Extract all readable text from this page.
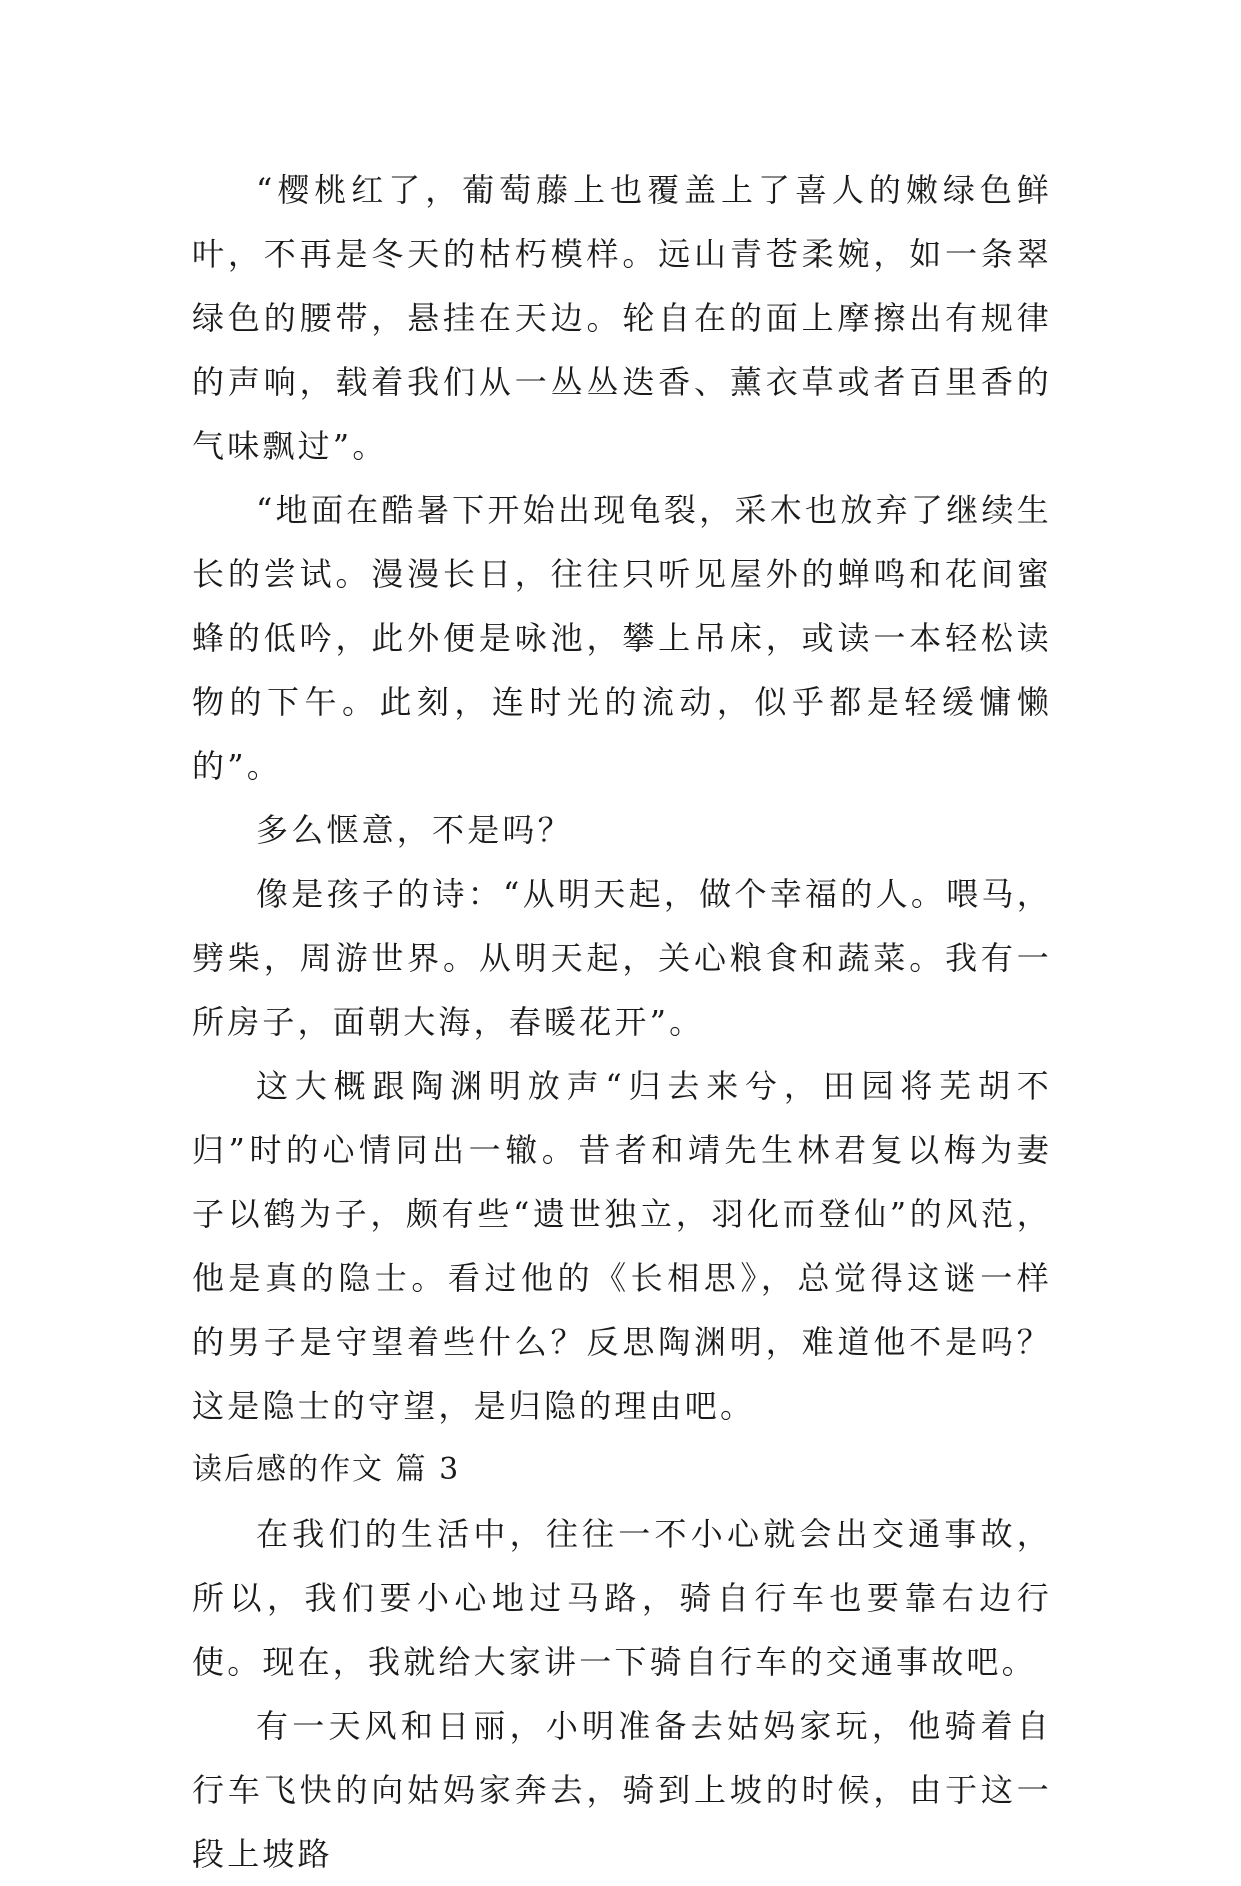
“樱桃红了，葡萄藤上也覆盖上了喜人的嫩绿色鲜叶，不再是冬天的枯朽模样。远山青苍柔婉，如一条翠绿色的腰带，悬挂在天边。轮自在的面上摩擦出有规律的声响，载着我们从一丛丛迭香、薰衣草或者百里香的气味飘过”。

“地面在酷暑下开始出现龟裂，采木也放弃了继续生长的尝试。漫漫长日，往往只听见屋外的蝉鸣和花间蜜蜂的低吟，此外便是咏池，攀上吊床，或读一本轻松读物的下午。此刻，连时光的流动，似乎都是轻缓慵懒的”。

多么惬意，不是吗？

像是孩子的诗：“从明天起，做个幸福的人。喂马，劈柴，周游世界。从明天起，关心粮食和蔬菜。我有一所房子，面朝大海，春暖花开”。

这大概跟陶渊明放声“归去来兮，田园将芜胡不归”时的心情同出一辙。昔者和靖先生林君复以梅为妻子以鹤为子，颇有些“遗世独立，羽化而登仙”的风范，他是真的隐士。看过他的《长相思》，总觉得这谜一样的男子是守望着些什么？反思陶渊明，难道他不是吗？这是隐士的守望，是归隐的理由吧。

读后感的作文 篇 3

在我们的生活中，往往一不小心就会出交通事故，所以，我们要小心地过马路，骑自行车也要靠右边行使。现在，我就给大家讲一下骑自行车的交通事故吧。

有一天风和日丽，小明准备去姑妈家玩，他骑着自行车飞快的向姑妈家奔去，骑到上坡的时候，由于这一段上坡路
